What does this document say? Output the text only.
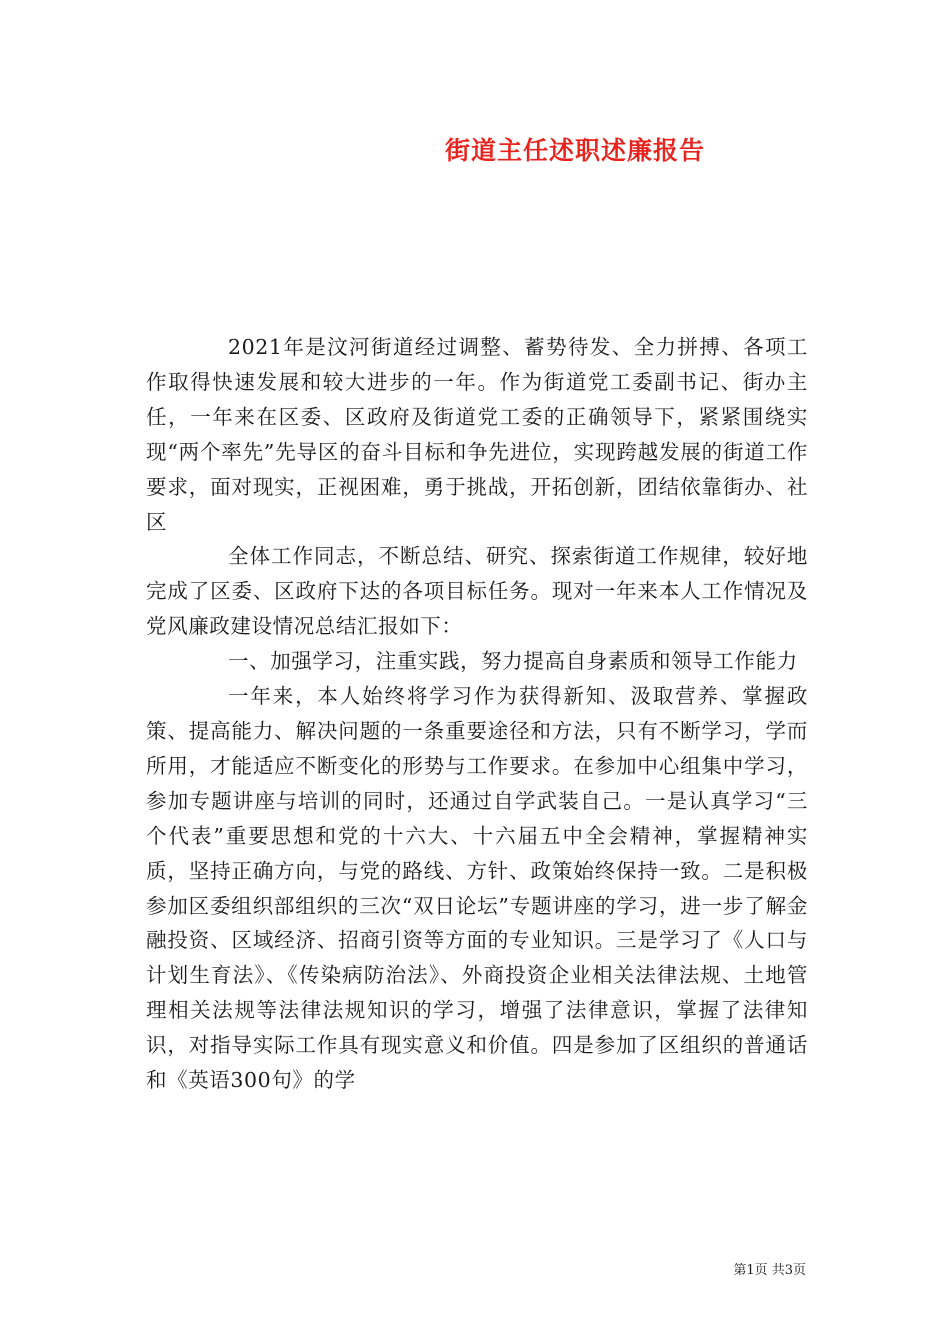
街道主任述职述廉报告

2021年是汶河街道经过调整、蓄势待发、全力拼搏、各项工作取得快速发展和较大进步的一年。作为街道党工委副书记、街办主任，一年来在区委、区政府及街道党工委的正确领导下，紧紧围绕实现“两个率先”先导区的奋斗目标和争先进位，实现跨越发展的街道工作要求，面对现实，正视困难，勇于挑战，开拓创新，团结依靠街办、社区

全体工作同志，不断总结、研究、探索街道工作规律，较好地完成了区委、区政府下达的各项目标任务。现对一年来本人工作情况及党风廉政建设情况总结汇报如下：

一、加强学习，注重实践，努力提高自身素质和领导工作能力

一年来，本人始终将学习作为获得新知、汲取营养、掌握政策、提高能力、解决问题的一条重要途径和方法，只有不断学习，学而所用，才能适应不断变化的形势与工作要求。在参加中心组集中学习，参加专题讲座与培训的同时，还通过自学武装自己。一是认真学习“三个代表”重要思想和党的十六大、十六届五中全会精神，掌握精神实质，坚持正确方向，与党的路线、方针、政策始终保持一致。二是积极参加区委组织部组织的三次“双日论坛”专题讲座的学习，进一步了解金融投资、区域经济、招商引资等方面的专业知识。三是学习了《人口与计划生育法》、《传染病防治法》、外商投资企业相关法律法规、土地管理相关法规等法律法规知识的学习，增强了法律意识，掌握了法律知识，对指导实际工作具有现实意义和价值。四是参加了区组织的普通话和《英语300句》的学

第1页 共3页
